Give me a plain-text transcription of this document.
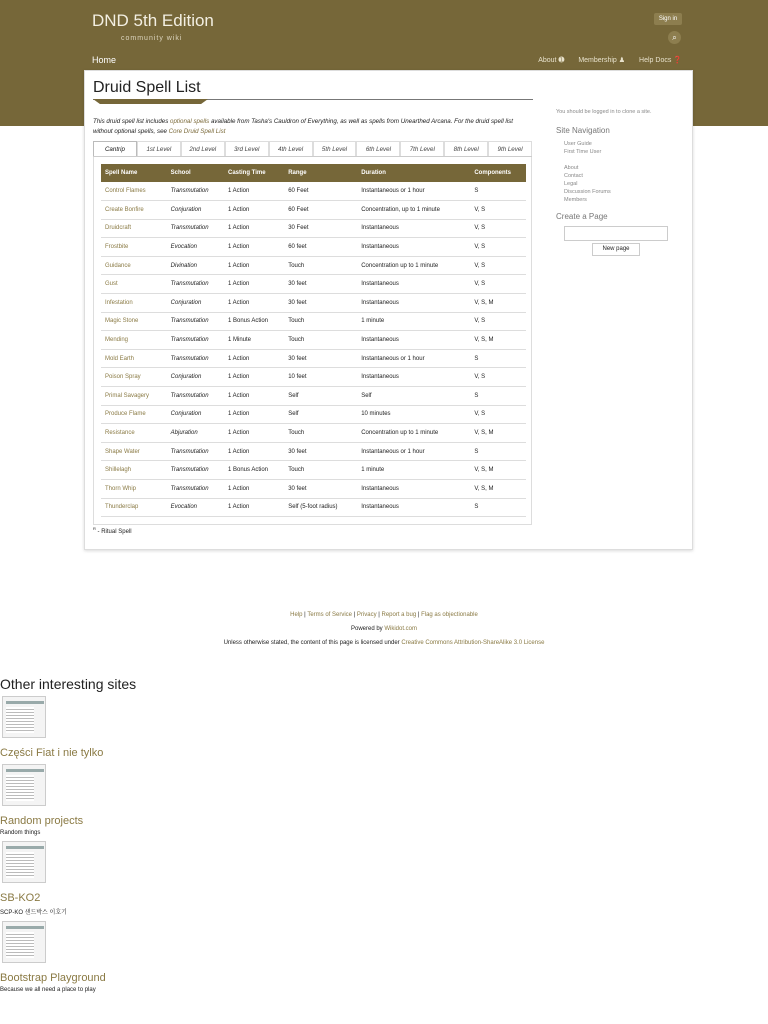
DND 5th Edition
community wiki
Sign in
⌕
Home	About ➊ Membership ♟ Help Docs ❓
Druid Spell List
This druid spell list includes optional spells available from Tasha's Cauldron of Everything, as well as spells from Unearthed Arcana. For the druid spell list without optional spells, see Core Druid Spell List
Cantrip	1st Level	2nd Level	3rd Level	4th Level	5th Level	6th Level	7th Level	8th Level	9th Level
Spell Name	School	Casting Time	Range	Duration	Components
Control Flames	Transmutation	1 Action	60 Feet	Instantaneous or 1 hour	S
Create Bonfire	Conjuration	1 Action	60 Feet	Concentration, up to 1 minute	V, S
Druidcraft	Transmutation	1 Action	30 Feet	Instantaneous	V, S
Frostbite	Evocation	1 Action	60 feet	Instantaneous	V, S
Guidance	Divination	1 Action	Touch	Concentration up to 1 minute	V, S
Gust	Transmutation	1 Action	30 feet	Instantaneous	V, S
Infestation	Conjuration	1 Action	30 feet	Instantaneous	V, S, M
Magic Stone	Transmutation	1 Bonus Action	Touch	1 minute	V, S
Mending	Transmutation	1 Minute	Touch	Instantaneous	V, S, M
Mold Earth	Transmutation	1 Action	30 feet	Instantaneous or 1 hour	S
Poison Spray	Conjuration	1 Action	10 feet	Instantaneous	V, S
Primal Savagery	Transmutation	1 Action	Self	Self	S
Produce Flame	Conjuration	1 Action	Self	10 minutes	V, S
Resistance	Abjuration	1 Action	Touch	Concentration up to 1 minute	V, S, M
Shape Water	Transmutation	1 Action	30 feet	Instantaneous or 1 hour	S
Shillelagh	Transmutation	1 Bonus Action	Touch	1 minute	V, S, M
Thorn Whip	Transmutation	1 Action	30 feet	Instantaneous	V, S, M
Thunderclap	Evocation	1 Action	Self (5-foot radius)	Instantaneous	S
$^R$ - Ritual Spell
You should be logged in to clone a site.
Site Navigation
User Guide
First Time User
About
Contact
Legal
Discussion Forums
Members
Create a Page
New page
Help | Terms of Service | Privacy | Report a bug | Flag as objectionable
Powered by Wikidot.com
Unless otherwise stated, the content of this page is licensed under Creative Commons Attribution-ShareAlike 3.0 License
Other interesting sites
Części Fiat i nie tylko
Random projects
Random things
SB-KO2
SCP-KO 샌드박스 이호기
Bootstrap Playground
Because we all need a place to play
